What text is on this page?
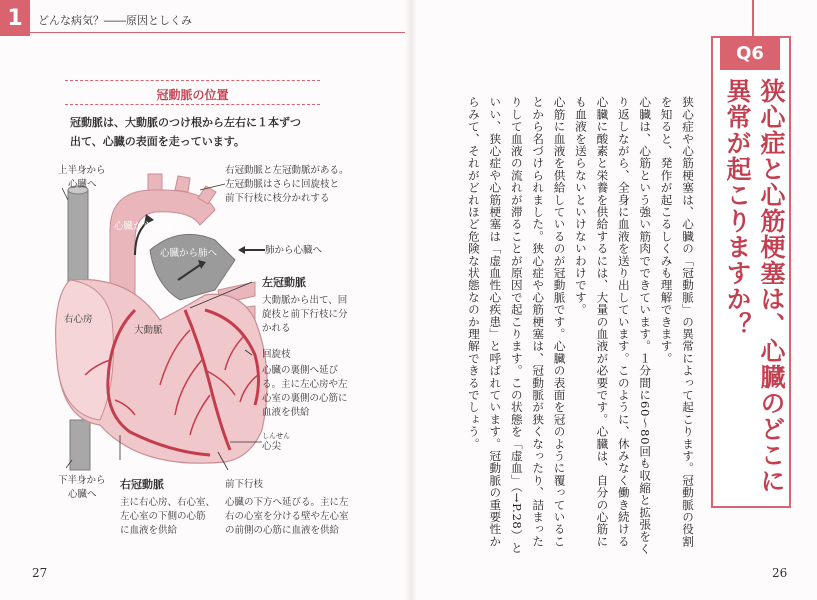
1	どんな病気？――原因としくみ
冠動脈の位置
冠動脈は、大動脈のつけ根から左右に１本ずつ
出て、心臓の表面を走っています。
上半身から
心臓へ
下半身から
心臓へ
心臓から全身へ
心臓から肺へ	肺から心臓へ
右心房
大動脈
しんせん
心尖
右冠動脈と左冠動脈がある。
左冠動脈はさらに回旋枝と
前下行枝に枝分かれする
左冠動脈
大動脈から出て、回
旋枝と前下行枝に分
かれる
回旋枝
心臓の裏側へ延び
る。主に左心房や左
心室の裏側の心筋に
血液を供給
右冠動脈
主に右心房、右心室、
左心室の下側の心筋
に血液を供給
前下行枝
心臓の下方へ延びる。主に左
右の心室を分ける壁や左心室
の前側の心筋に血液を供給
27
Q6
狭心症と心筋梗塞は、心臓のどこに異常が起こりますか？

狭心症や心筋梗塞は、心臓の「冠動脈」の異常によって起こります。冠動脈の役割を知ると、発作が起こるしくみも理解できます。

心臓は、心筋という強い筋肉でできています。１分間に60～80回も収縮と拡張をくり返しながら、全身に血液を送り出しています。このように、休みなく働き続ける心臓に酸素と栄養を供給するには、大量の血液が必要です。心臓は、自分の心筋にも血液を送らないといけないわけです。

心筋に血液を供給しているのが冠動脈です。心臓の表面を冠のように覆っていることから名づけられました。狭心症や心筋梗塞は、冠動脈が狭くなったり、詰まったりして血液の流れが滞ることが原因で起こります。この状態を「虚血」（→P.28）といい、狭心症や心筋梗塞は「虚血性心疾患」と呼ばれています。冠動脈の重要性からみて、それがどれほど危険な状態なのか理解できるでしょう。

26
